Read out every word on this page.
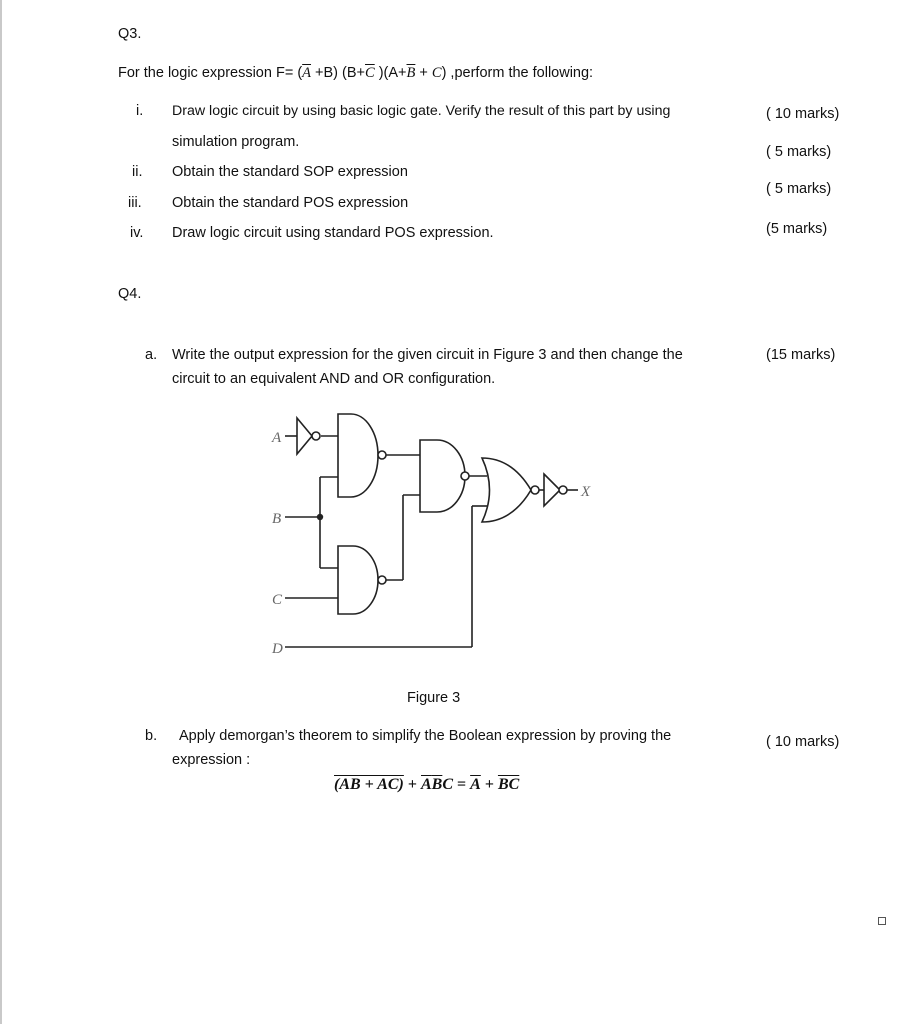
Q3.
For the logic expression $F= (\overline{A} +B)$ ($B+\overline{C}$ )$(A+\overline{B} + C)$ ,perform the following:
i. Draw logic circuit by using basic logic gate. Verify the result of this part by using
simulation program.
( 10 marks)
ii. Obtain the standard SOP expression
( 5 marks)
iii. Obtain the standard POS expression
( 5 marks)
iv. Draw logic circuit using standard POS expression.	(5 marks)
Q4.
a. Write the output expression for the given circuit in Figure 3 and then change the
circuit to an equivalent AND and OR configuration.
(15 marks)
A
B
C
D
X
Figure 3
b. Apply demorgan’s theorem to simplify the Boolean expression by proving the
expression :
( 10 marks)
$(AB + AC) + \overline{A}\overline{B}C = \overline{A} + \overline{BC}$
